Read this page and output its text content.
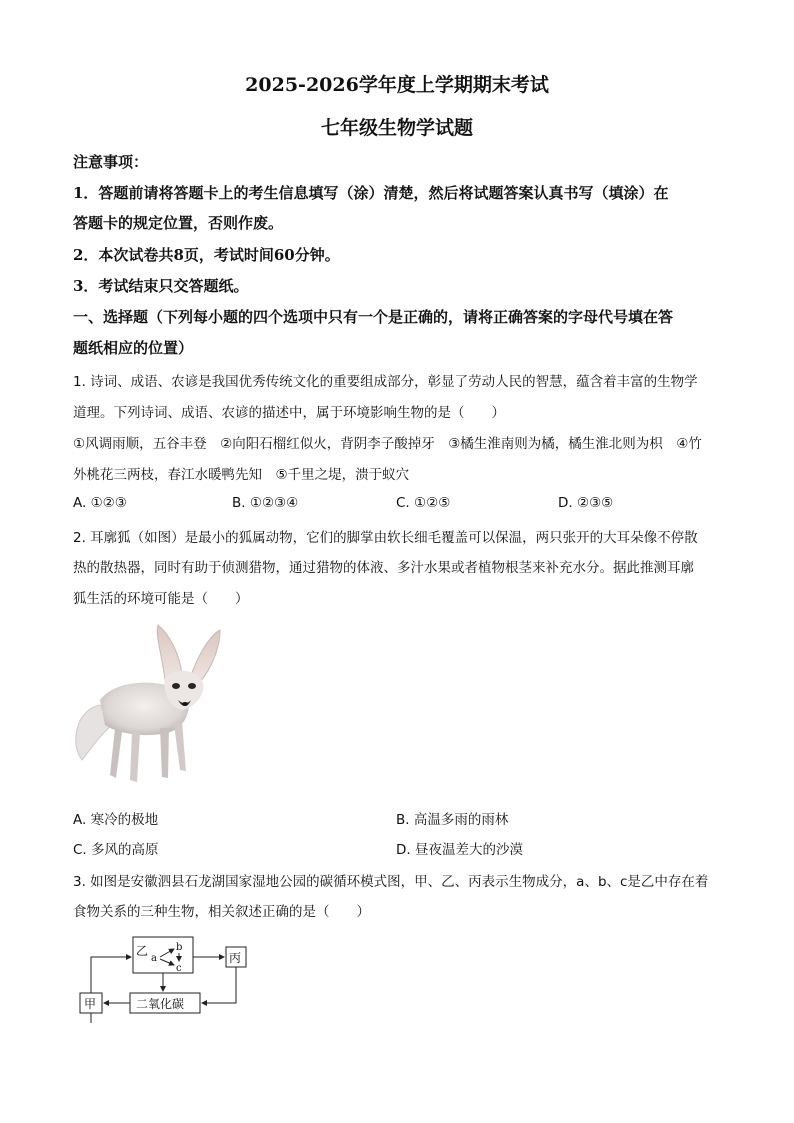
2025-2026学年度上学期期末考试
七年级生物学试题
注意事项：
1．答题前请将答题卡上的考生信息填写（涂）清楚，然后将试题答案认真书写（填涂）在
答题卡的规定位置，否则作废。
2．本次试卷共8页，考试时间60分钟。
3．考试结束只交答题纸。
一、选择题（下列每小题的四个选项中只有一个是正确的，请将正确答案的字母代号填在答
题纸相应的位置）
1. 诗词、成语、农谚是我国优秀传统文化的重要组成部分，彰显了劳动人民的智慧，蕴含着丰富的生物学
道理。下列诗词、成语、农谚的描述中，属于环境影响生物的是（　　）
①风调雨顺，五谷丰登　②向阳石榴红似火，背阴李子酸掉牙　③橘生淮南则为橘，橘生淮北则为枳　④竹
外桃花三两枝，春江水暖鸭先知　⑤千里之堤，溃于蚁穴
A. ①②③	B. ①②③④	C. ①②⑤	D. ②③⑤
2. 耳廓狐（如图）是最小的狐属动物，它们的脚掌由软长细毛覆盖可以保温，两只张开的大耳朵像不停散
热的散热器，同时有助于侦测猎物，通过猎物的体液、多汁水果或者植物根茎来补充水分。据此推测耳廓
狐生活的环境可能是（　　）
A. 寒冷的极地	B. 高温多雨的雨林
C. 多风的高原	D. 昼夜温差大的沙漠
3. 如图是安徽泗县石龙湖国家湿地公园的碳循环模式图，甲、乙、丙表示生物成分，a、b、c是乙中存在着
食物关系的三种生物，相关叙述正确的是（　　）
乙
a
b
c
丙
甲	二氧化碳
